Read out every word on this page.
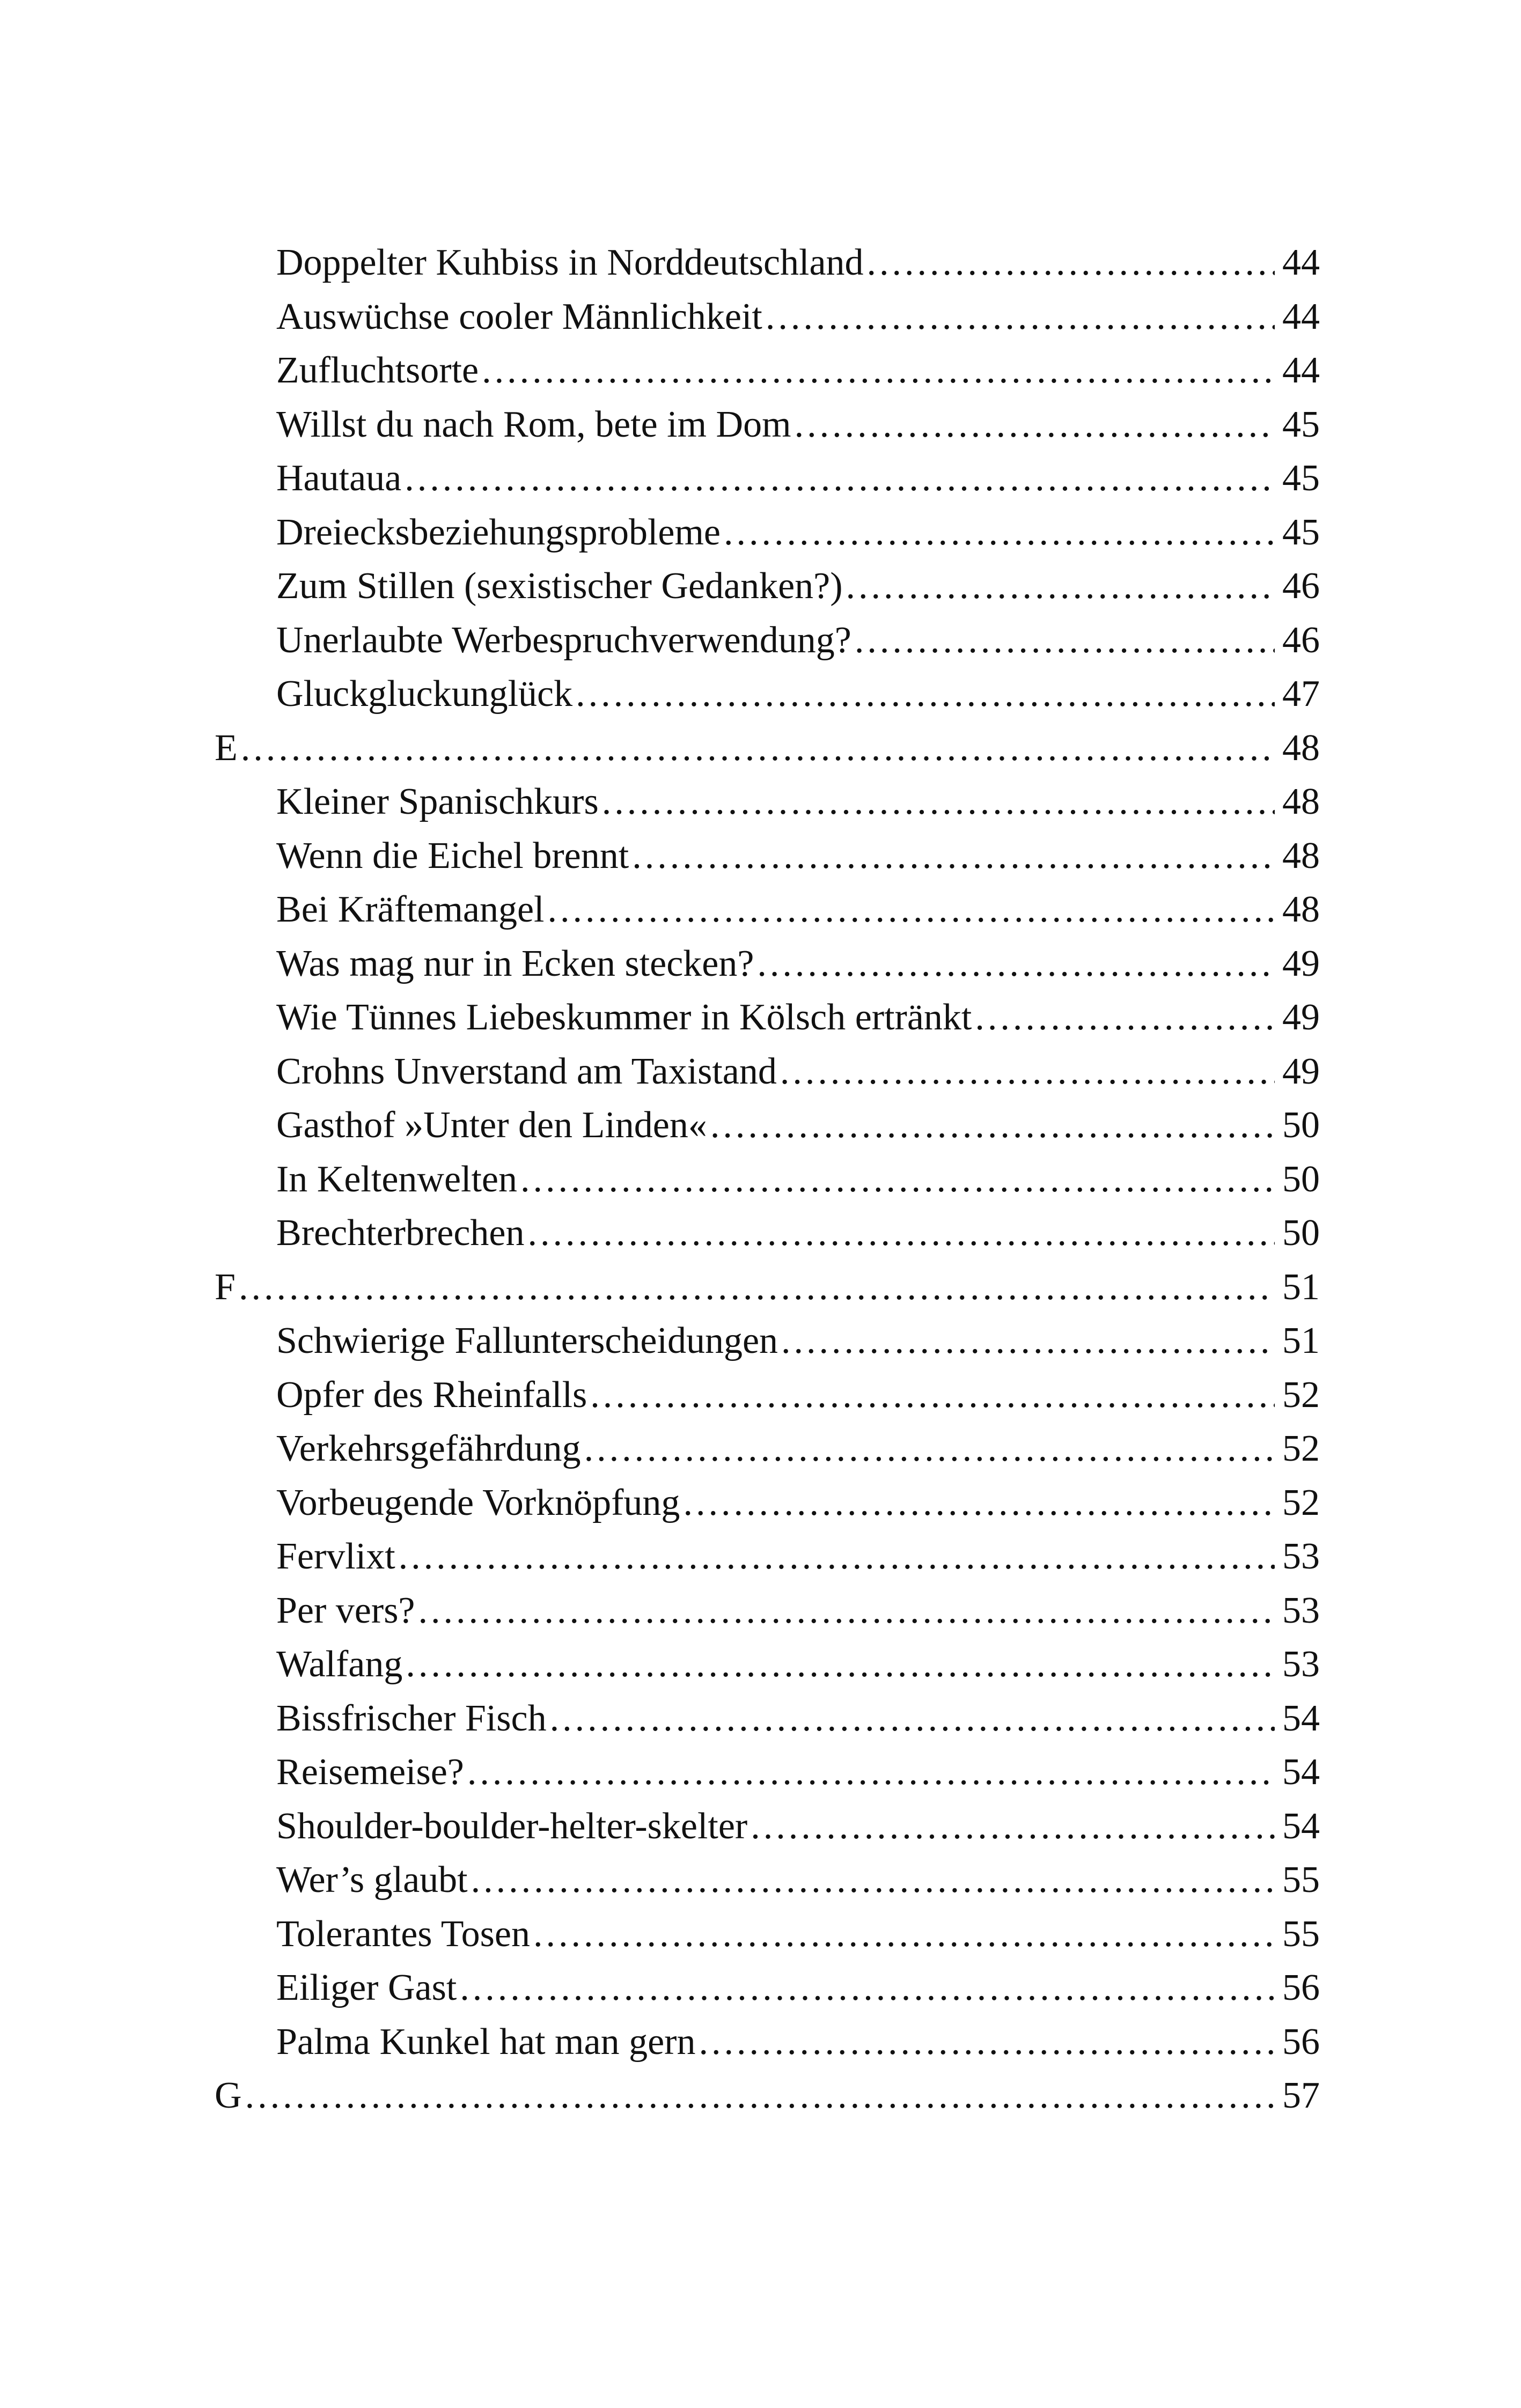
Doppelter Kuhbiss in Norddeutschland .....	44
Auswüchse cooler Männlichkeit .....	44
Zufluchtsorte .....	44
Willst du nach Rom, bete im Dom .....	45
Hautaua .....	45
Dreiecksbeziehungsprobleme .....	45
Zum Stillen (sexistischer Gedanken?) .....	46
Unerlaubte Werbespruchverwendung? .....	46
Gluckgluckunglück .....	47
E .....	48
Kleiner Spanischkurs .....	48
Wenn die Eichel brennt .....	48
Bei Kräftemangel .....	48
Was mag nur in Ecken stecken? .....	49
Wie Tünnes Liebeskummer in Kölsch ertränkt .....	49
Crohns Unverstand am Taxistand .....	49
Gasthof »Unter den Linden« .....	50
In Keltenwelten .....	50
Brechterbrechen .....	50
F .....	51
Schwierige Fallunterscheidungen .....	51
Opfer des Rheinfalls .....	52
Verkehrsgefährdung .....	52
Vorbeugende Vorknöpfung .....	52
Fervlixt .....	53
Per vers? .....	53
Walfang .....	53
Bissfrischer Fisch .....	54
Reisemeise? .....	54
Shoulder-boulder-helter-skelter .....	54
Wer’s glaubt .....	55
Tolerantes Tosen .....	55
Eiliger Gast .....	56
Palma Kunkel hat man gern .....	56
G .....	57
